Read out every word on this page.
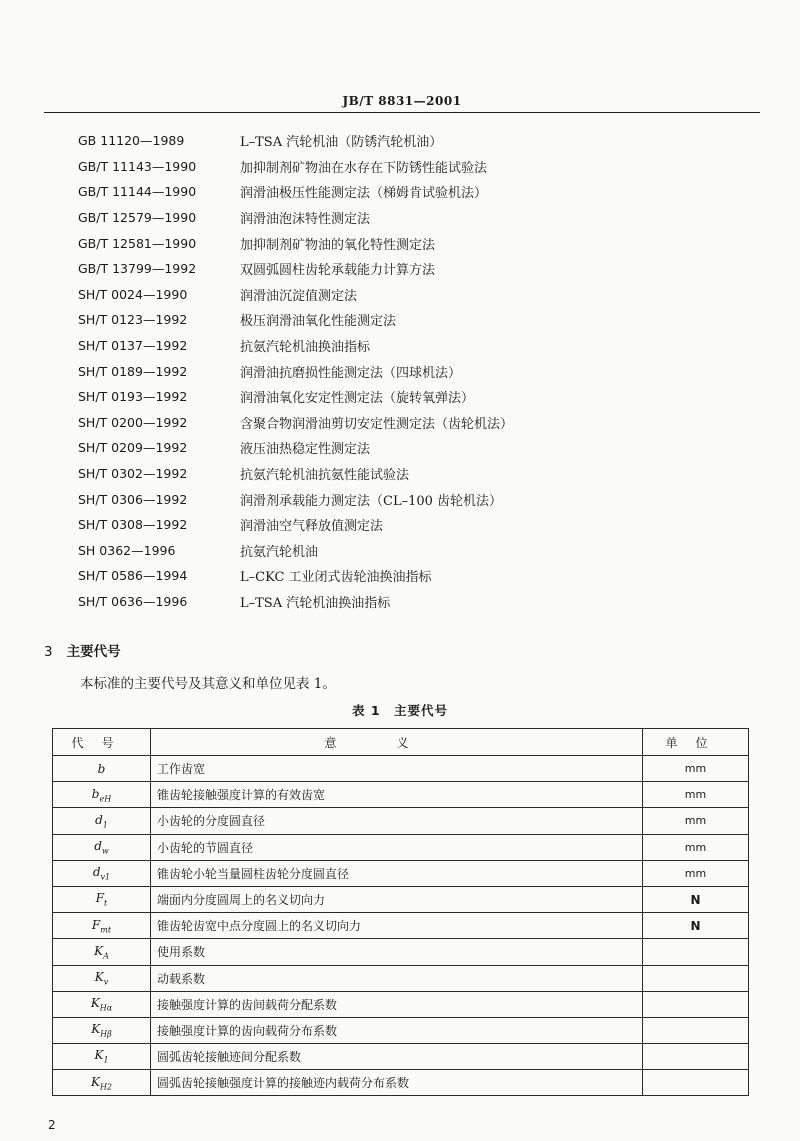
JB/T 8831—2001
GB 11120—1989	L–TSA 汽轮机油（防锈汽轮机油）
GB/T 11143—1990	加抑制剂矿物油在水存在下防锈性能试验法
GB/T 11144—1990	润滑油极压性能测定法（梯姆肯试验机法）
GB/T 12579—1990	润滑油泡沫特性测定法
GB/T 12581—1990	加抑制剂矿物油的氧化特性测定法
GB/T 13799—1992	双圆弧圆柱齿轮承载能力计算方法
SH/T 0024—1990	润滑油沉淀值测定法
SH/T 0123—1992	极压润滑油氧化性能测定法
SH/T 0137—1992	抗氨汽轮机油换油指标
SH/T 0189—1992	润滑油抗磨损性能测定法（四球机法）
SH/T 0193—1992	润滑油氧化安定性测定法（旋转氧弹法）
SH/T 0200—1992	含聚合物润滑油剪切安定性测定法（齿轮机法）
SH/T 0209—1992	液压油热稳定性测定法
SH/T 0302—1992	抗氨汽轮机油抗氨性能试验法
SH/T 0306—1992	润滑剂承载能力测定法（CL–100 齿轮机法）
SH/T 0308—1992	润滑油空气释放值测定法
SH 0362—1996	抗氨汽轮机油
SH/T 0586—1994	L–CKC 工业闭式齿轮油换油指标
SH/T 0636—1996	L–TSA 汽轮机油换油指标
3 主要代号
本标准的主要代号及其意义和单位见表 1。
表 1　主要代号
代号	意义	单位
b	工作齿宽	mm
$b_{eH}$	锥齿轮接触强度计算的有效齿宽	mm
$d_1$	小齿轮的分度圆直径	mm
$d_w$	小齿轮的节圆直径	mm
$d_{v1}$	锥齿轮小轮当量圆柱齿轮分度圆直径	mm
$F_t$	端面内分度圆周上的名义切向力	N
$F_{mt}$	锥齿轮齿宽中点分度圆上的名义切向力	N
$K_A$	使用系数	
$K_v$	动载系数	
$K_{H\alpha}$	接触强度计算的齿间载荷分配系数	
$K_{H\beta}$	接触强度计算的齿向载荷分布系数	
$K_1$	圆弧齿轮接触迹间分配系数	
$K_{H2}$	圆弧齿轮接触强度计算的接触迹内载荷分布系数	
2
